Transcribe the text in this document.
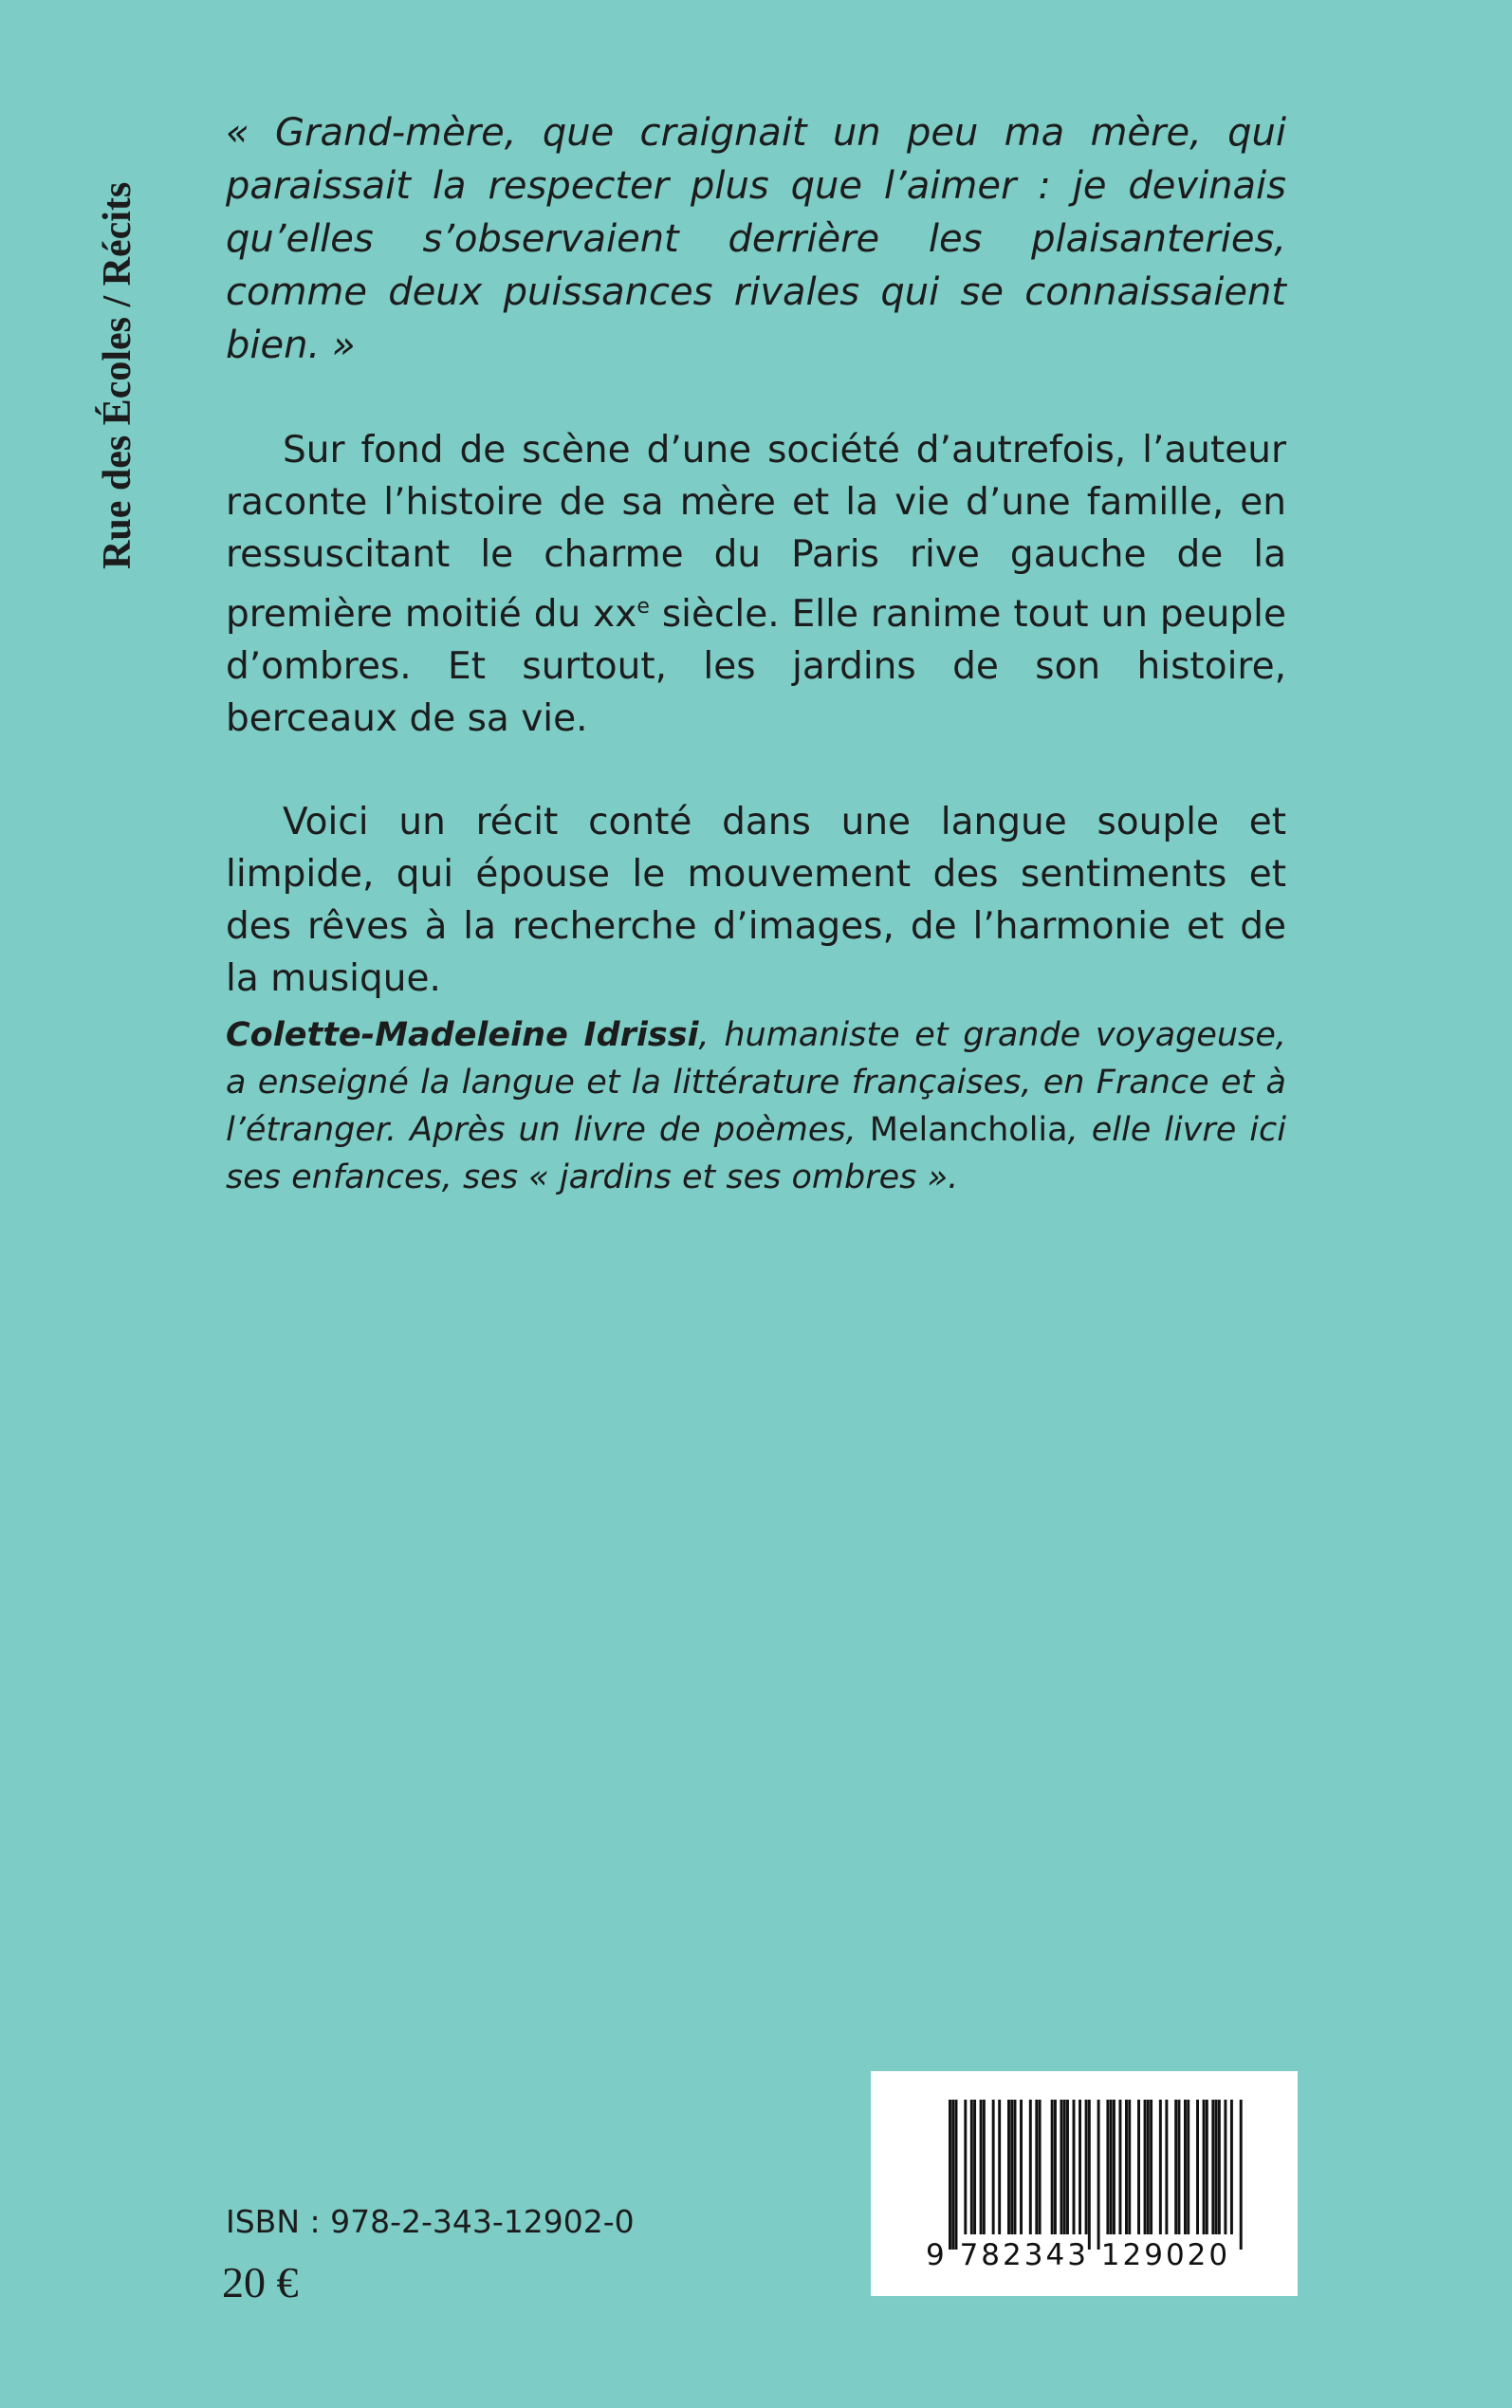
Rue des Écoles / Récits

« Grand-mère, que craignait un peu ma mère, qui paraissait la respecter plus que l’aimer : je devinais qu’elles s’observaient derrière les plaisanteries, comme deux puissances rivales qui se connaissaient bien. »

Sur fond de scène d’une société d’autrefois, l’auteur raconte l’histoire de sa mère et la vie d’une famille, en ressuscitant le charme du Paris rive gauche de la première moitié du $xx^e$ siècle. Elle ranime tout un peuple d’ombres. Et surtout, les jardins de son histoire, berceaux de sa vie.

Voici un récit conté dans une langue souple et limpide, qui épouse le mouvement des sentiments et des rêves à la recherche d’images, de l’harmonie et de la musique.

Colette-Madeleine Idrissi, humaniste et grande voyageuse, a enseigné la langue et la littérature françaises, en France et à l’étranger. Après un livre de poèmes, Melancholia, elle livre ici ses enfances, ses « jardins et ses ombres ».

ISBN : 978-2-343-12902-0
20 €
9 782343 129020
